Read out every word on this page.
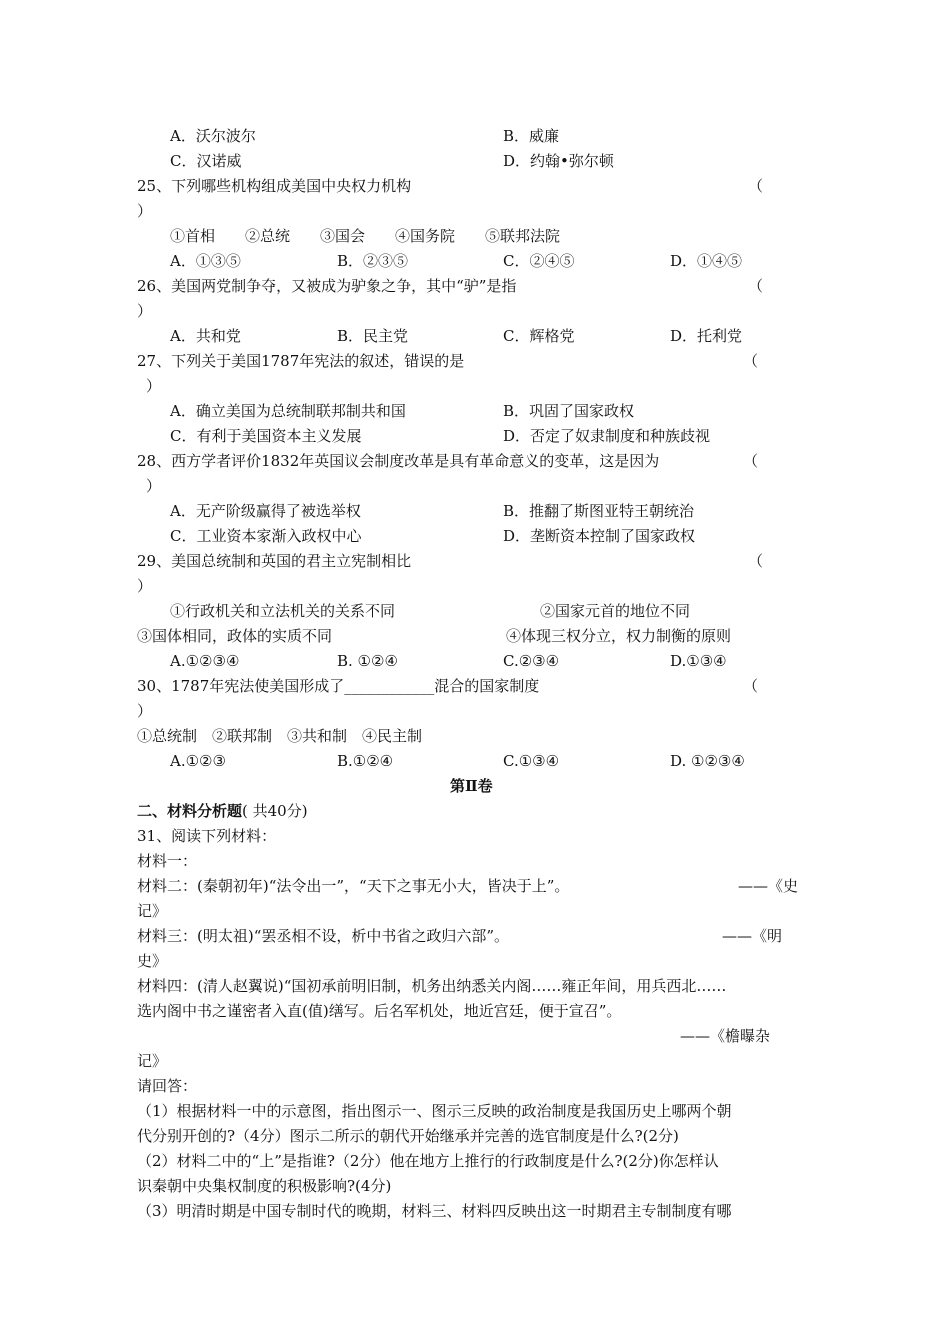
A．沃尔波尔	B．威廉
C．汉诺威	D．约翰•弥尔顿
25、下列哪些机构组成美国中央权力机构	（
）
①首相　　②总统　　③国会　　④国务院　　⑤联邦法院
A．①③⑤	B．②③⑤	C．②④⑤	D．①④⑤
26、美国两党制争夺，又被成为驴象之争，其中“驴”是指	（
）
A．共和党	B．民主党	C．辉格党	D．托利党
27、下列关于美国1787年宪法的叙述，错误的是	（
）
A．确立美国为总统制联邦制共和国	B．巩固了国家政权
C．有利于美国资本主义发展	D．否定了奴隶制度和种族歧视
28、西方学者评价1832年英国议会制度改革是具有革命意义的变革，这是因为	（
）
A．无产阶级赢得了被选举权	B．推翻了斯图亚特王朝统治
C．工业资本家渐入政权中心	D．垄断资本控制了国家政权
29、美国总统制和英国的君主立宪制相比	（
）
①行政机关和立法机关的关系不同	②国家元首的地位不同
③国体相同，政体的实质不同	④体现三权分立，权力制衡的原则
A.①②③④	B. ①②④	C.②③④	D.①③④
30、1787年宪法使美国形成了____________混合的国家制度	（
）
①总统制　②联邦制　③共和制　④民主制
A.①②③	B.①②④	C.①③④	D. ①②③④
第Ⅱ卷
二、材料分析题( 共40分)
31、阅读下列材料：
材料一：
材料二：(秦朝初年)“法令出一”，“天下之事无小大，皆决于上”。	——《史
记》
材料三：(明太祖)“罢丞相不设，析中书省之政归六部”。	——《明
史》
材料四：(清人赵翼说)“国初承前明旧制，机务出纳悉关内阁……雍正年间，用兵西北……
选内阁中书之谨密者入直(值)缮写。后名军机处，地近宫廷，便于宣召”。
——《檐曝杂
记》
请回答：
（1）根据材料一中的示意图，指出图示一、图示三反映的政治制度是我国历史上哪两个朝
代分别开创的?（4分）图示二所示的朝代开始继承并完善的选官制度是什么?(2分)
（2）材料二中的“上”是指谁?（2分）他在地方上推行的行政制度是什么?(2分)你怎样认
识秦朝中央集权制度的积极影响?(4分)
（3）明清时期是中国专制时代的晚期，材料三、材料四反映出这一时期君主专制制度有哪
